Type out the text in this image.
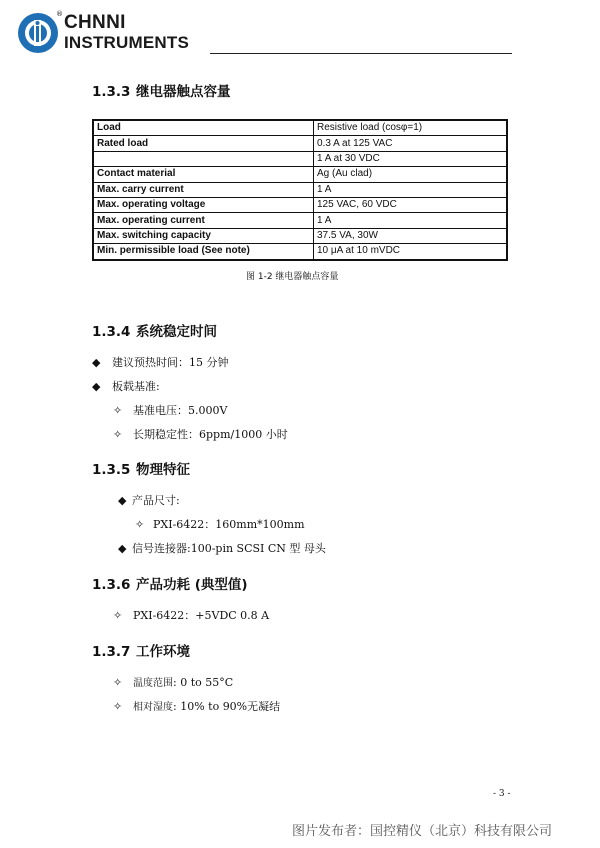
® CHNNI
INSTRUMENTS
1.3.3 继电器触点容量
Load	Resistive load (cosφ=1)
Rated load	0.3 A at 125 VAC
	1 A at 30 VDC
Contact material	Ag (Au clad)
Max. carry current	1 A
Max. operating voltage	125 VAC, 60 VDC
Max. operating current	1 A
Max. switching capacity	37.5 VA, 30W
Min. permissible load (See note)	10 μA at 10 mVDC
图 1-2 继电器触点容量
1.3.4 系统稳定时间
◆ 建议预热时间：15 分钟
◆ 板载基准:
✧ 基准电压：5.000V
✧ 长期稳定性：6ppm/1000 小时
1.3.5 物理特征
◆ 产品尺寸:
✧ PXI-6422：160mm*100mm
◆ 信号连接器:100-pin SCSI CN 型 母头
1.3.6 产品功耗 (典型值)
✧ PXI-6422：+5VDC 0.8 A
1.3.7 工作环境
✧ 温度范围: 0 to 55°C
✧ 相对湿度: 10% to 90%无凝结
- 3 -
图片发布者：国控精仪（北京）科技有限公司
